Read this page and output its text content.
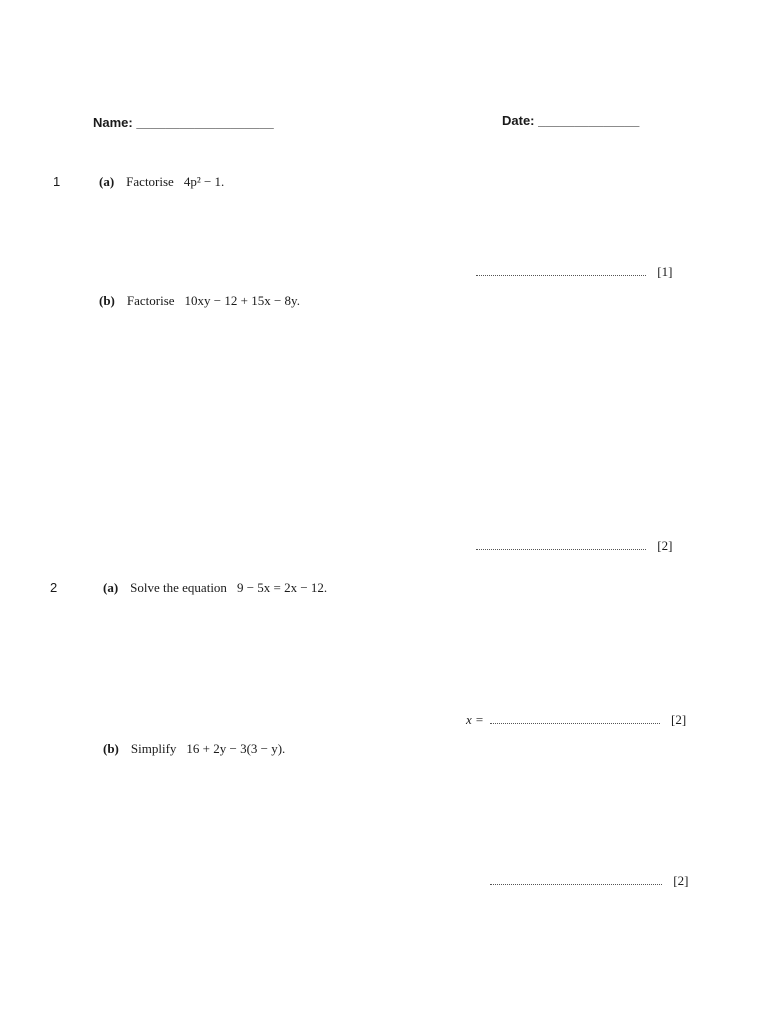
Name: ___________________	Date: ______________
1	(a) Factorise 4p² − 1.
[1]
(b) Factorise 10xy − 12 + 15x − 8y.
[2]
2	(a) Solve the equation 9 − 5x = 2x − 12.
x =	[2]
(b) Simplify 16 + 2y − 3(3 − y).
[2]
